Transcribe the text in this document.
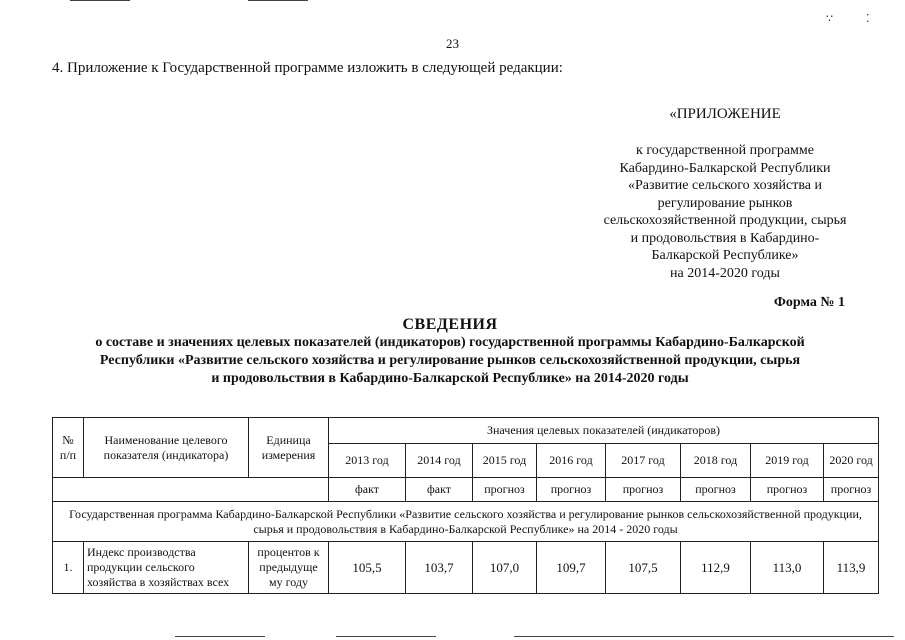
∵	⁚
23
4. Приложение к Государственной программе изложить в следующей редакции:
«ПРИЛОЖЕНИЕ
к государственной программе
Кабардино-Балкарской Республики
«Развитие сельского хозяйства и
регулирование рынков
сельскохозяйственной продукции, сырья
и продовольствия в Кабардино-
Балкарской Республике»
на 2014-2020 годы
Форма № 1
СВЕДЕНИЯ
о составе и значениях целевых показателей (индикаторов) государственной программы Кабардино-Балкарской
Республики «Развитие сельского хозяйства и регулирование рынков сельскохозяйственной продукции, сырья
и продовольствия в Кабардино-Балкарской Республике» на 2014-2020 годы
№ п/п	Наименование целевого показателя (индикатора)	Единица измерения	Значения целевых показателей (индикаторов)							
			2013 год	2014 год	2015 год	2016 год	2017 год	2018 год	2019 год	2020 год
			факт	факт	прогноз	прогноз	прогноз	прогноз	прогноз	прогноз
Государственная программа Кабардино-Балкарской Республики «Развитие сельского хозяйства и регулирование рынков сельскохозяйственной продукции, сырья и продовольствия в Кабардино-Балкарской Республике» на 2014 - 2020 годы										
1.	Индекс производства продукции сельского хозяйства в хозяйствах всех	процентов к предыдуще му году	105,5	103,7	107,0	109,7	107,5	112,9	113,0	113,9
